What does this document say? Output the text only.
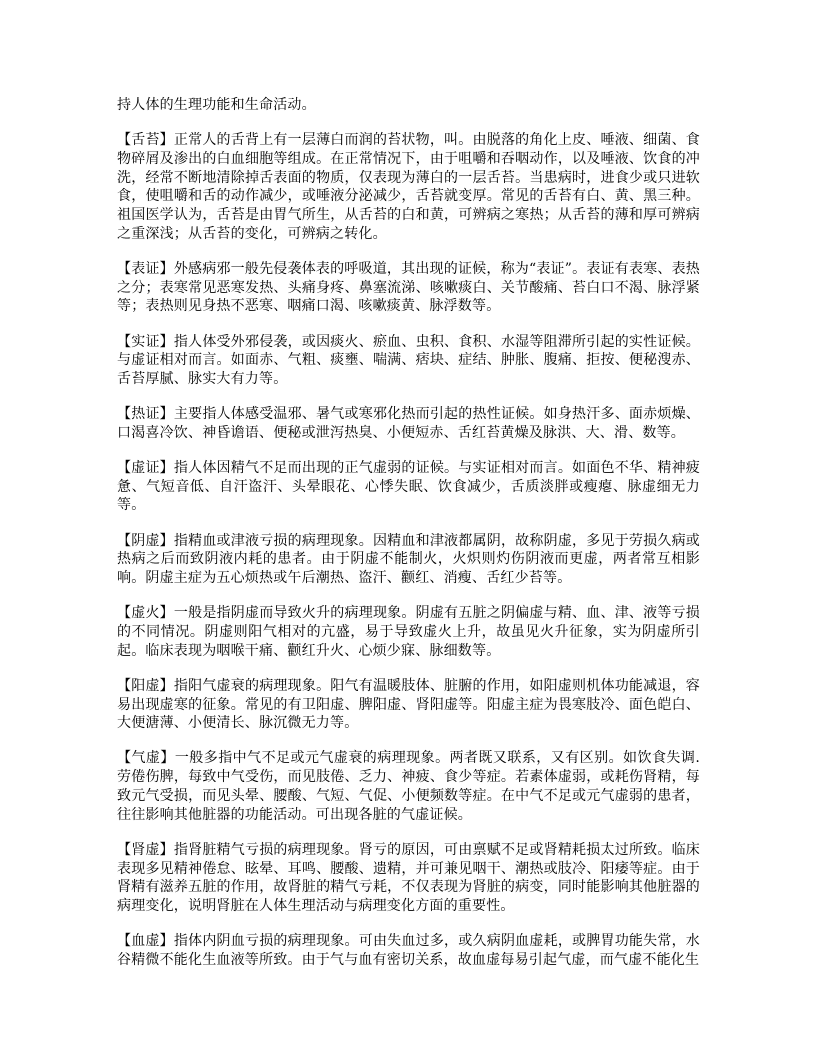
持人体的生理功能和生命活动。

【舌苔】正常人的舌背上有一层薄白而润的苔状物，叫。由脱落的角化上皮、唾液、细菌、食物碎屑及渗出的白血细胞等组成。在正常情况下，由于咀嚼和吞咽动作，以及唾液、饮食的冲洗，经常不断地清除掉舌表面的物质，仅表现为薄白的一层舌苔。当患病时，进食少或只进软食，使咀嚼和舌的动作减少，或唾液分泌减少，舌苔就变厚。常见的舌苔有白、黄、黑三种。祖国医学认为，舌苔是由胃气所生，从舌苔的白和黄，可辨病之寒热；从舌苔的薄和厚可辨病之重深浅；从舌苔的变化，可辨病之转化。

【表证】外感病邪一般先侵袭体表的呼吸道，其出现的证候，称为“表证”。表证有表寒、表热之分；表寒常见恶寒发热、头痛身疼、鼻塞流涕、咳嗽痰白、关节酸痛、苔白口不渴、脉浮紧等；表热则见身热不恶寒、咽痛口渴、咳嗽痰黄、脉浮数等。

【实证】指人体受外邪侵袭，或因痰火、瘀血、虫积、食积、水湿等阻滞所引起的实性证候。与虚证相对而言。如面赤、气粗、痰壅、喘满、痞块、症结、肿胀、腹痛、拒按、便秘溲赤、舌苔厚腻、脉实大有力等。

【热证】主要指人体感受温邪、暑气或寒邪化热而引起的热性证候。如身热汗多、面赤烦燥、口渴喜冷饮、神昏谵语、便秘或泄泻热臭、小便短赤、舌红苔黄燥及脉洪、大、滑、数等。

【虚证】指人体因精气不足而出现的正气虚弱的证候。与实证相对而言。如面色不华、精神疲惫、气短音低、自汗盗汗、头晕眼花、心悸失眠、饮食减少，舌质淡胖或瘦瘪、脉虚细无力等。

【阴虚】指精血或津液亏损的病理现象。因精血和津液都属阴，故称阴虚，多见于劳损久病或热病之后而致阴液内耗的患者。由于阴虚不能制火，火炽则灼伤阴液而更虚，两者常互相影响。阴虚主症为五心烦热或午后潮热、盗汗、颧红、消瘦、舌红少苔等。

【虚火】一般是指阴虚而导致火升的病理现象。阴虚有五脏之阴偏虚与精、血、津、液等亏损的不同情况。阴虚则阳气相对的亢盛，易于导致虚火上升，故虽见火升征象，实为阴虚所引起。临床表现为咽喉干痛、颧红升火、心烦少寐、脉细数等。

【阳虚】指阳气虚衰的病理现象。阳气有温暖肢体、脏腑的作用，如阳虚则机体功能减退，容易出现虚寒的征象。常见的有卫阳虚、脾阳虚、肾阳虚等。阳虚主症为畏寒肢冷、面色皑白、大便溏薄、小便清长、脉沉微无力等。

【气虚】一般多指中气不足或元气虚衰的病理现象。两者既又联系，又有区别。如饮食失调. 劳倦伤脾，每致中气受伤，而见肢倦、乏力、神疲、食少等症。若素体虚弱，或耗伤肾精，每致元气受损，而见头晕、腰酸、气短、气促、小便频数等症。在中气不足或元气虚弱的患者，往往影响其他脏器的功能活动。可出现各脏的气虚证候。

【肾虚】指肾脏精气亏损的病理现象。肾亏的原因，可由禀赋不足或肾精耗损太过所致。临床表现多见精神倦怠、眩晕、耳鸣、腰酸、遗精，并可兼见咽干、潮热或肢冷、阳痿等症。由于肾精有滋养五脏的作用，故肾脏的精气亏耗，不仅表现为肾脏的病变，同时能影响其他脏器的病理变化，说明肾脏在人体生理活动与病理变化方面的重要性。

【血虚】指体内阴血亏损的病理现象。可由失血过多，或久病阴血虚耗，或脾胃功能失常，水谷精微不能化生血液等所致。由于气与血有密切关系，故血虚每易引起气虚，而气虚不能化生
